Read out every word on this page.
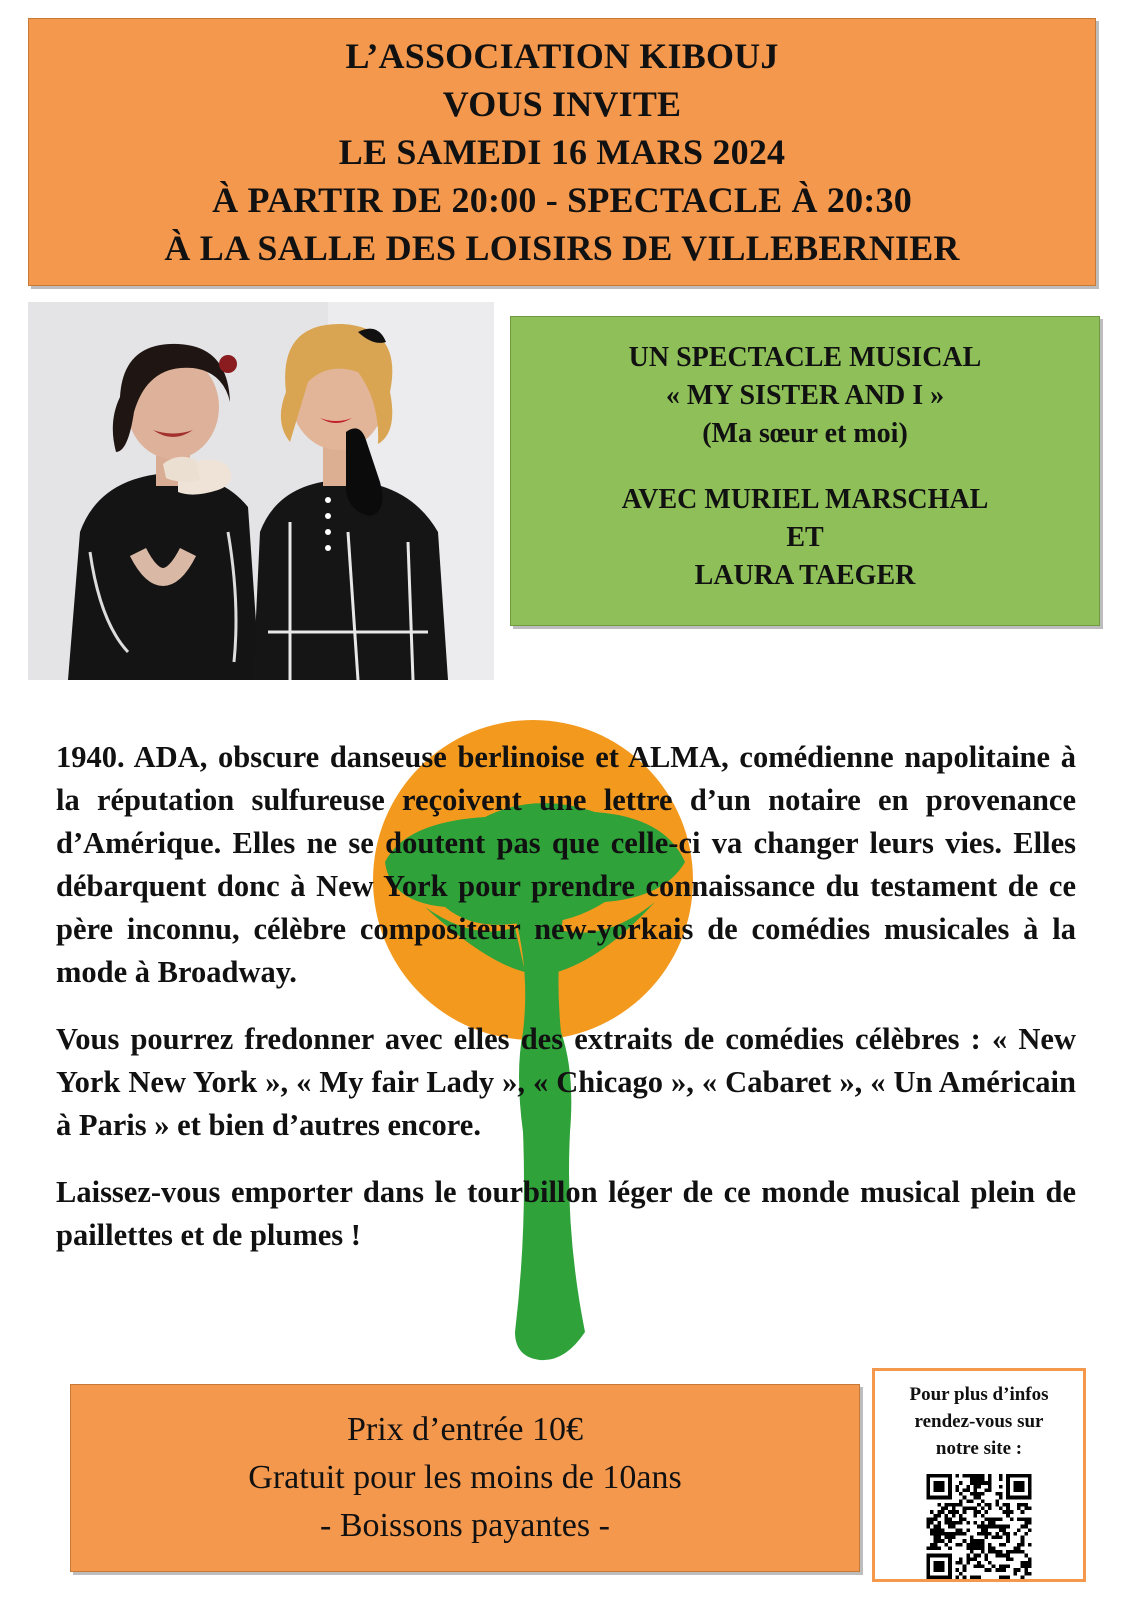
L’ASSOCIATION KIBOUJ
VOUS INVITE
LE SAMEDI 16 MARS 2024
À PARTIR DE 20:00 - SPECTACLE À 20:30
À LA SALLE DES LOISIRS DE VILLEBERNIER
UN SPECTACLE MUSICAL
« MY SISTER AND I »
(Ma sœur et moi)
AVEC MURIEL MARSCHAL
ET
LAURA TAEGER

1940. ADA, obscure danseuse berlinoise et ALMA, comédienne napolitaine à la réputation sulfureuse reçoivent une lettre d’un notaire en provenance d’Amérique. Elles ne se doutent pas que celle-ci va changer leurs vies. Elles débarquent donc à New York pour prendre connaissance du testament de ce père inconnu, célèbre compositeur new-yorkais de comédies musicales à la mode à Broadway.

Vous pourrez fredonner avec elles des extraits de comédies célèbres : « New York New York », « My fair Lady », « Chicago », « Cabaret », « Un Américain à Paris » et bien d’autres encore.

Laissez-vous emporter dans le tourbillon léger de ce monde musical plein de paillettes et de plumes !

Prix d’entrée 10€
Gratuit pour les moins de 10ans
- Boissons payantes -
Pour plus d’infos
rendez-vous sur
notre site :
